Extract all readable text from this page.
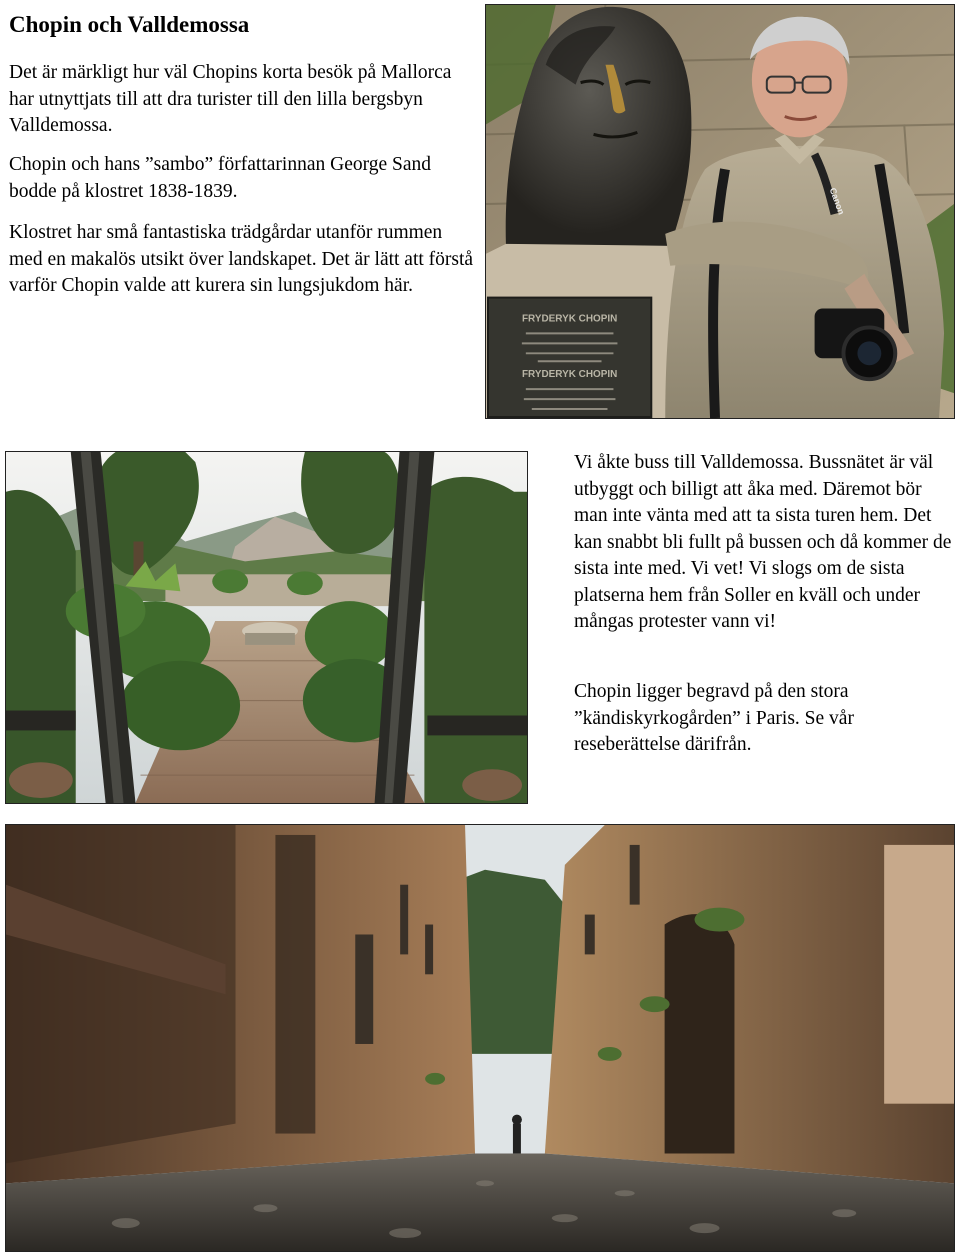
Chopin och Valldemossa

Det är märkligt hur väl Chopins korta besök på Mallorca har utnyttjats till att dra turister till den lilla bergsbyn Valldemossa.

Chopin och hans ”sambo” författarinnan George Sand bodde på klostret 1838-1839.

Klostret har små fantastiska trädgårdar utanför rummen med en makalös utsikt över landskapet. Det är lätt att förstå varför Chopin valde att kurera sin lungsjukdom här.

FRYDERYK CHOPIN
FRYDERYK CHOPIN
Canon

Vi åkte buss till Valldemossa. Bussnätet är väl utbyggt och billigt att åka med. Däremot bör man inte vänta med att ta sista turen hem. Det kan snabbt bli fullt på bussen och då kommer de sista inte med. Vi vet! Vi slogs om de sista platserna hem från Soller en kväll och under mångas protester vann vi!

Chopin ligger begravd på den stora ”kändiskyrkogården” i Paris. Se vår reseberättelse därifrån.
